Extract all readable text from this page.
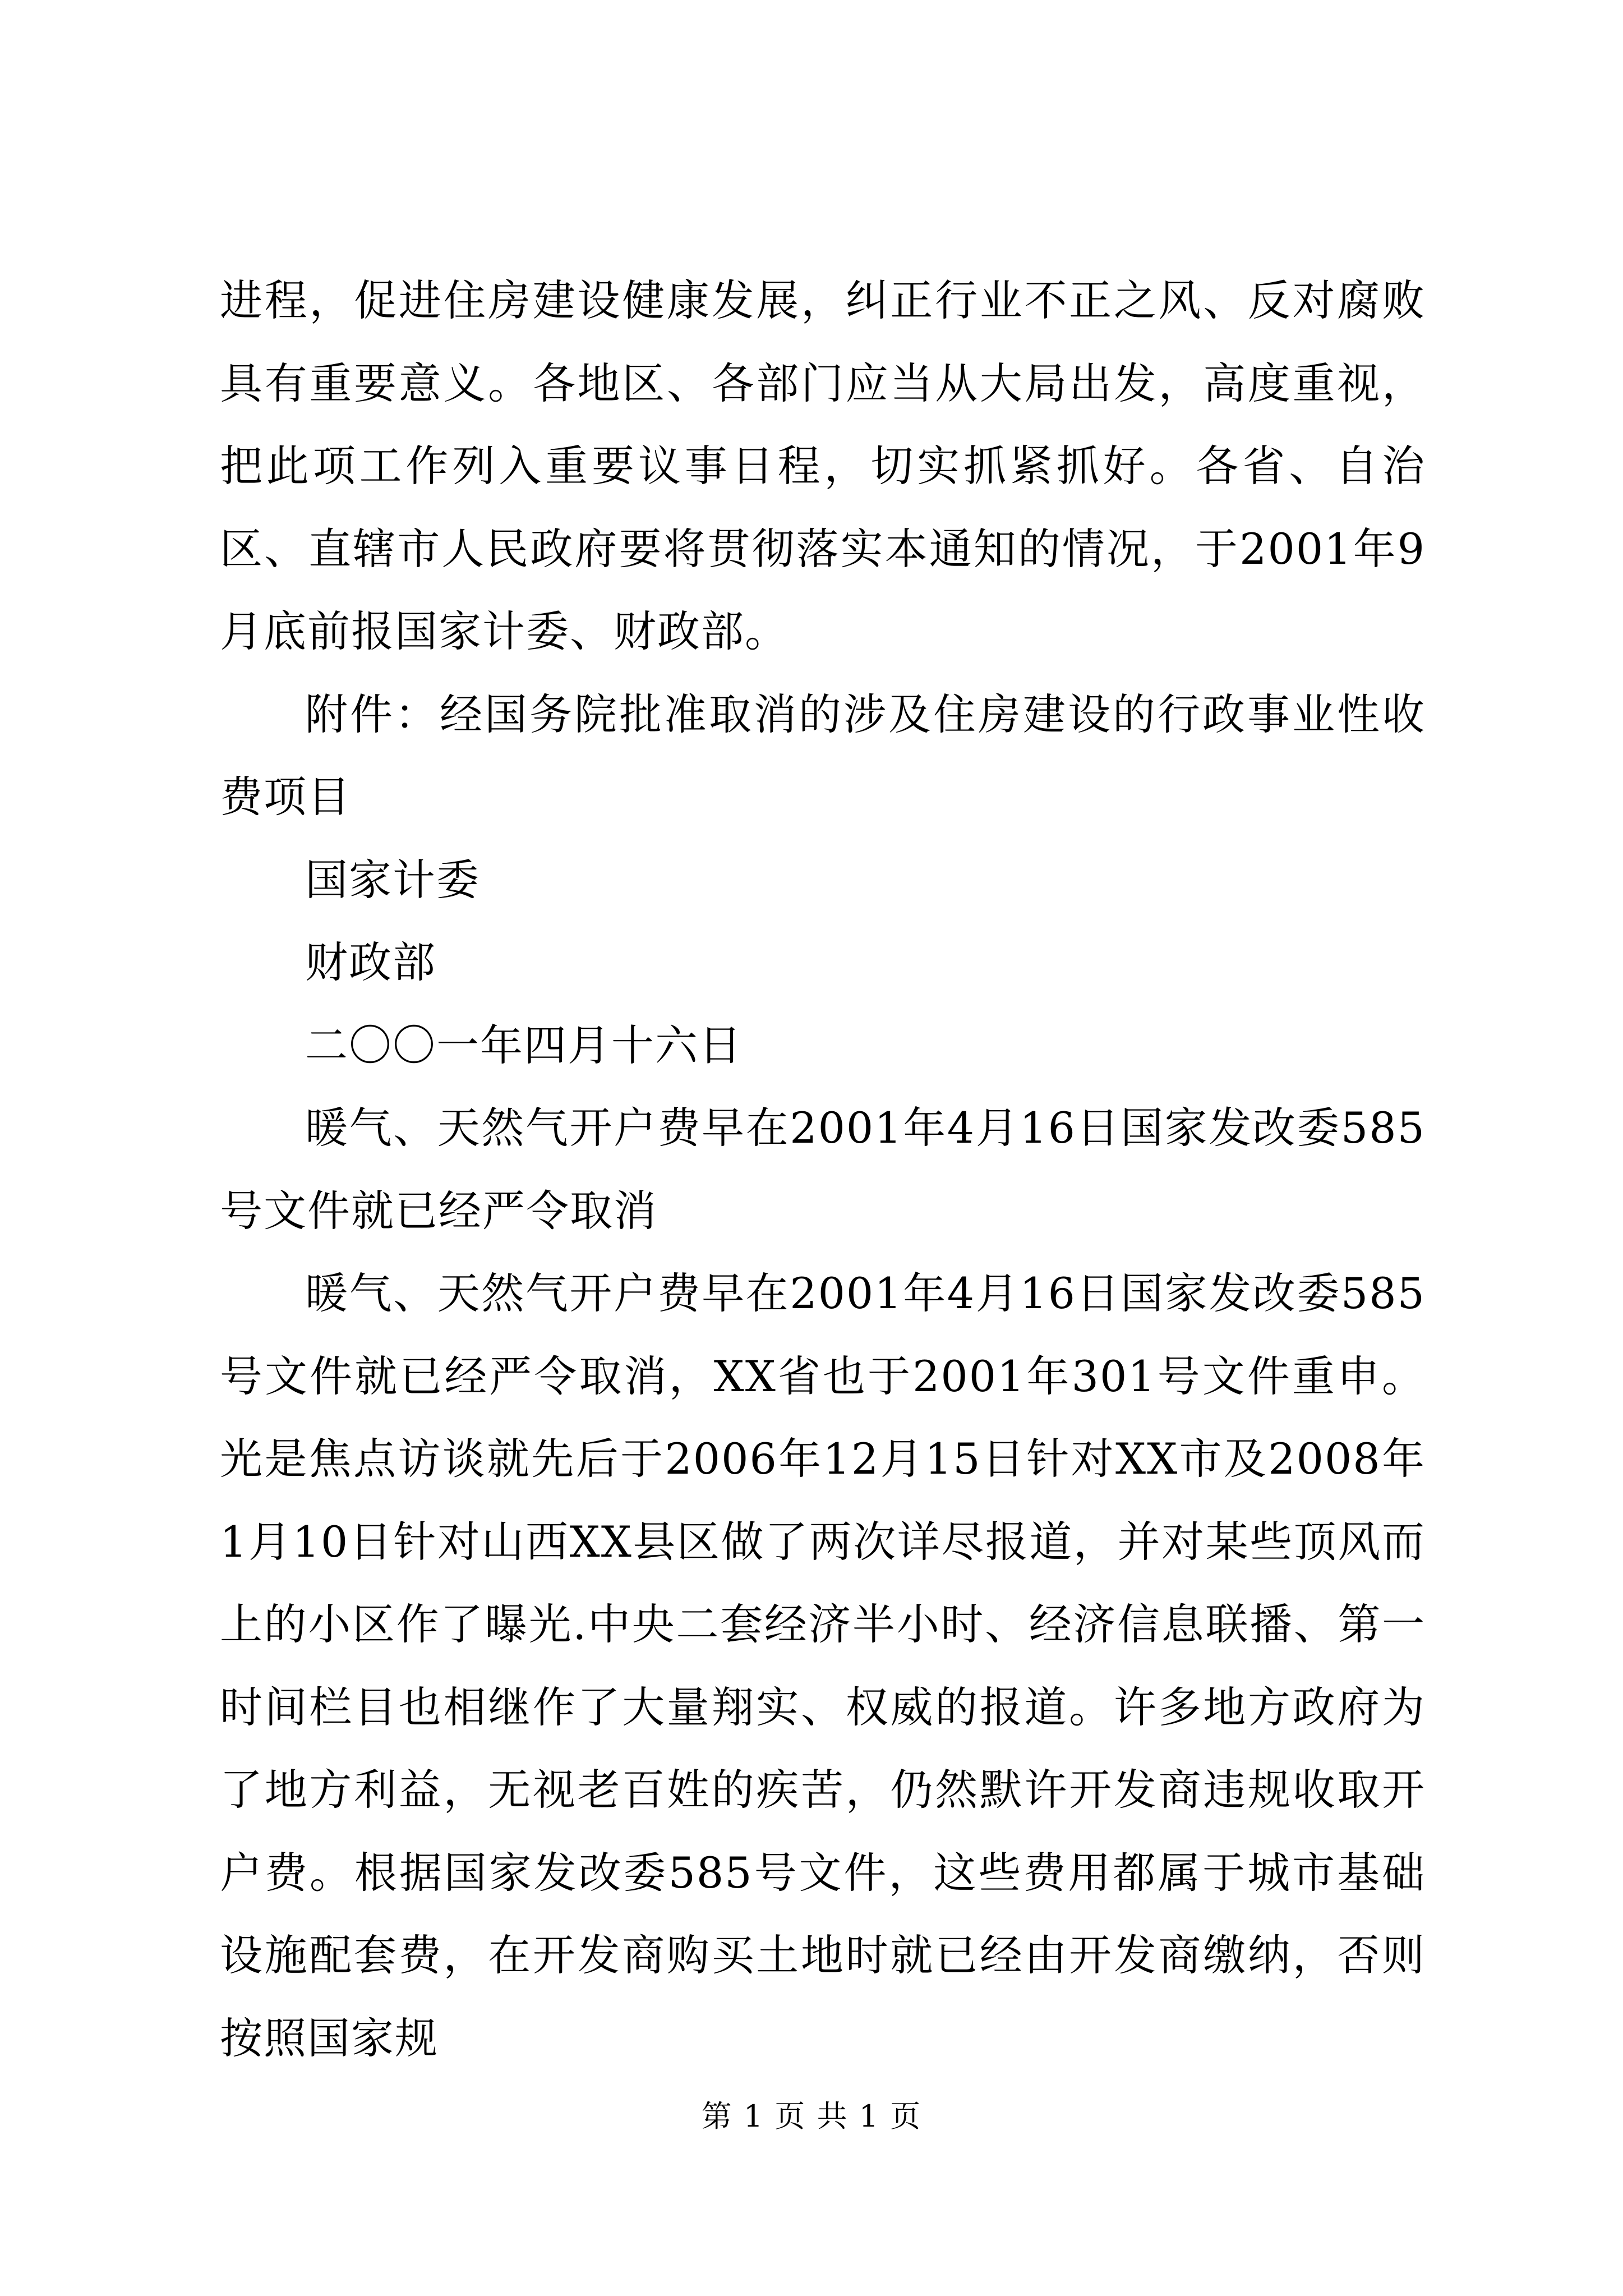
进程，促进住房建设健康发展，纠正行业不正之风、反对腐败具有重要意义。各地区、各部门应当从大局出发，高度重视，把此项工作列入重要议事日程，切实抓紧抓好。各省、自治区、直辖市人民政府要将贯彻落实本通知的情况，于2001年9月底前报国家计委、财政部。

附件：经国务院批准取消的涉及住房建设的行政事业性收费项目

国家计委

财政部

二〇〇一年四月十六日

暖气、天然气开户费早在2001年4月16日国家发改委585号文件就已经严令取消

暖气、天然气开户费早在2001年4月16日国家发改委585号文件就已经严令取消，XX省也于2001年301号文件重申。光是焦点访谈就先后于2006年12月15日针对XX市及2008年1月10日针对山西XX县区做了两次详尽报道，并对某些顶风而上的小区作了曝光.中央二套经济半小时、经济信息联播、第一时间栏目也相继作了大量翔实、权威的报道。许多地方政府为了地方利益，无视老百姓的疾苦，仍然默许开发商违规收取开户费。根据国家发改委585号文件，这些费用都属于城市基础设施配套费，在开发商购买土地时就已经由开发商缴纳，否则按照国家规

第 1 页 共 1 页
